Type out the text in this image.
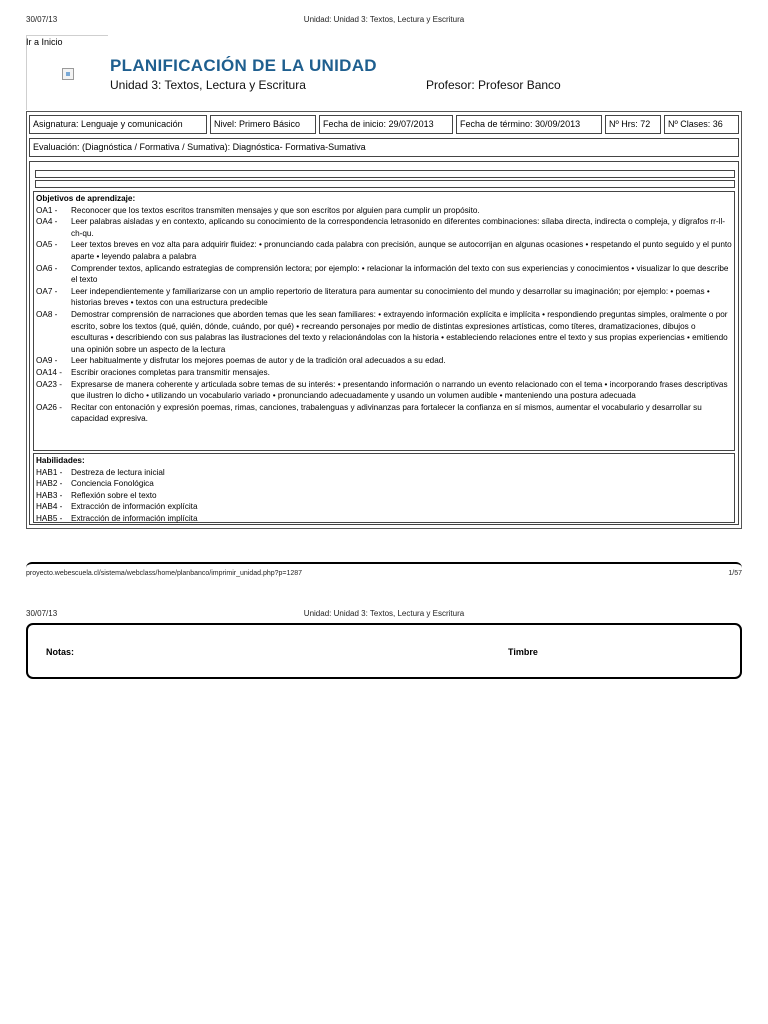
30/07/13	Unidad: Unidad 3: Textos, Lectura y Escritura
Ir a Inicio
PLANIFICACIÓN DE LA UNIDAD
Unidad 3: Textos, Lectura y Escritura	Profesor: Profesor Banco
Asignatura: Lenguaje y comunicación	Nivel: Primero Básico	Fecha de inicio: 29/07/2013	Fecha de término: 30/09/2013	Nº Hrs: 72	Nº Clases: 36
Evaluación: (Diagnóstica / Formativa / Sumativa): Diagnóstica- Formativa-Sumativa
Objetivos de aprendizaje:
OA1 -	Reconocer que los textos escritos transmiten mensajes y que son escritos por alguien para cumplir un propósito.
OA4 -	Leer palabras aisladas y en contexto, aplicando su conocimiento de la correspondencia letrasonido en diferentes combinaciones: sílaba directa, indirecta o compleja, y dígrafos rr-ll-ch-qu.
OA5 -	Leer textos breves en voz alta para adquirir fluidez: • pronunciando cada palabra con precisión, aunque se autocorrijan en algunas ocasiones • respetando el punto seguido y el punto aparte • leyendo palabra a palabra
OA6 -	Comprender textos, aplicando estrategias de comprensión lectora; por ejemplo: • relacionar la información del texto con sus experiencias y conocimientos • visualizar lo que describe el texto
OA7 -	Leer independientemente y familiarizarse con un amplio repertorio de literatura para aumentar su conocimiento del mundo y desarrollar su imaginación; por ejemplo: • poemas • historias breves • textos con una estructura predecible
OA8 -	Demostrar comprensión de narraciones que aborden temas que les sean familiares: • extrayendo información explícita e implícita • respondiendo preguntas simples, oralmente o por escrito, sobre los textos (qué, quién, dónde, cuándo, por qué) • recreando personajes por medio de distintas expresiones artísticas, como títeres, dramatizaciones, dibujos o esculturas • describiendo con sus palabras las ilustraciones del texto y relacionándolas con la historia • estableciendo relaciones entre el texto y sus propias experiencias • emitiendo una opinión sobre un aspecto de la lectura
OA9 -	Leer habitualmente y disfrutar los mejores poemas de autor y de la tradición oral adecuados a su edad.
OA14 -	Escribir oraciones completas para transmitir mensajes.
OA23 -	Expresarse de manera coherente y articulada sobre temas de su interés: • presentando información o narrando un evento relacionado con el tema • incorporando frases descriptivas que ilustren lo dicho • utilizando un vocabulario variado • pronunciando adecuadamente y usando un volumen audible • manteniendo una postura adecuada
OA26 -	Recitar con entonación y expresión poemas, rimas, canciones, trabalenguas y adivinanzas para fortalecer la confianza en sí mismos, aumentar el vocabulario y desarrollar su capacidad expresiva.
Habilidades:
HAB1 -	Destreza de lectura inicial
HAB2 -	Conciencia Fonológica
HAB3 -	Reflexión sobre el texto
HAB4 -	Extracción de información explícita
HAB5 -	Extracción de información implícita
proyecto.webescuela.cl/sistema/webclass/home/planbanco/imprimir_unidad.php?p=1287	1/57
30/07/13	Unidad: Unidad 3: Textos, Lectura y Escritura
Notas:	Timbre
